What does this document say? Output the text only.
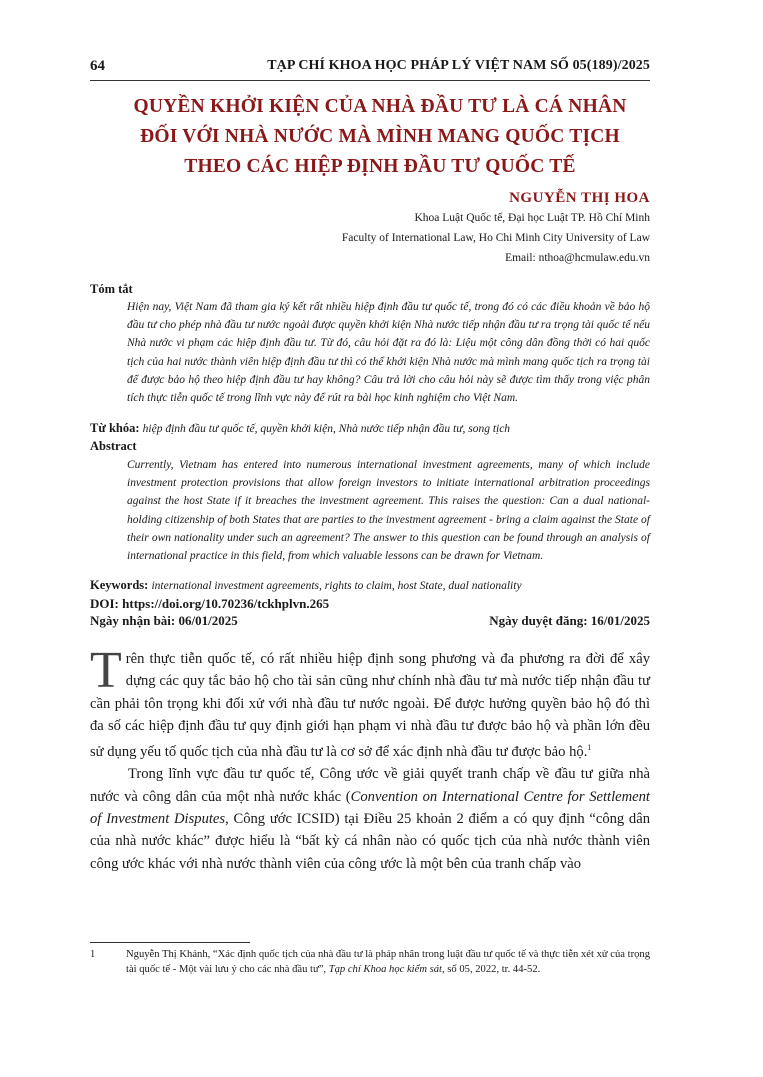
64	TẠP CHÍ KHOA HỌC PHÁP LÝ VIỆT NAM SỐ 05(189)/2025
QUYỀN KHỞI KIỆN CỦA NHÀ ĐẦU TƯ LÀ CÁ NHÂN
ĐỐI VỚI NHÀ NƯỚC MÀ MÌNH MANG QUỐC TỊCH
THEO CÁC HIỆP ĐỊNH ĐẦU TƯ QUỐC TẾ
NGUYỄN THỊ HOA
Khoa Luật Quốc tế, Đại học Luật TP. Hồ Chí Minh
Faculty of International Law, Ho Chi Minh City University of Law
Email: nthoa@hcmulaw.edu.vn
Tóm tắt
Hiện nay, Việt Nam đã tham gia ký kết rất nhiều hiệp định đầu tư quốc tế, trong đó có các điều khoản về bảo hộ đầu tư cho phép nhà đầu tư nước ngoài được quyền khởi kiện Nhà nước tiếp nhận đầu tư ra trọng tài quốc tế nếu Nhà nước vi phạm các hiệp định đầu tư. Từ đó, câu hỏi đặt ra đó là: Liệu một công dân đồng thời có hai quốc tịch của hai nước thành viên hiệp định đầu tư thì có thể khởi kiện Nhà nước mà mình mang quốc tịch ra trọng tài để được bảo hộ theo hiệp định đầu tư hay không? Câu trả lời cho câu hỏi này sẽ được tìm thấy trong việc phân tích thực tiễn quốc tế trong lĩnh vực này để rút ra bài học kinh nghiệm cho Việt Nam.
Từ khóa: hiệp định đầu tư quốc tế, quyền khởi kiện, Nhà nước tiếp nhận đầu tư, song tịch
Abstract
Currently, Vietnam has entered into numerous international investment agreements, many of which include investment protection provisions that allow foreign investors to initiate international arbitration proceedings against the host State if it breaches the investment agreement. This raises the question: Can a dual national-holding citizenship of both States that are parties to the investment agreement - bring a claim against the State of their own nationality under such an agreement? The answer to this question can be found through an analysis of international practice in this field, from which valuable lessons can be drawn for Vietnam.
Keywords: international investment agreements, rights to claim, host State, dual nationality
DOI: https://doi.org/10.70236/tckhplvn.265
Ngày nhận bài: 06/01/2025	Ngày duyệt đăng: 16/01/2025

Trên thực tiễn quốc tế, có rất nhiều hiệp định song phương và đa phương ra đời để xây dựng các quy tắc bảo hộ cho tài sản cũng như chính nhà đầu tư mà nước tiếp nhận đầu tư cần phải tôn trọng khi đối xử với nhà đầu tư nước ngoài. Để được hưởng quyền bảo hộ đó thì đa số các hiệp định đầu tư quy định giới hạn phạm vi nhà đầu tư được bảo hộ và phần lớn đều sử dụng yếu tố quốc tịch của nhà đầu tư là cơ sở để xác định nhà đầu tư được bảo hộ.$^1$

Trong lĩnh vực đầu tư quốc tế, Công ước về giải quyết tranh chấp về đầu tư giữa nhà nước và công dân của một nhà nước khác (Convention on International Centre for Settlement of Investment Disputes, Công ước ICSID) tại Điều 25 khoản 2 điểm a có quy định “công dân của nhà nước khác” được hiểu là “bất kỳ cá nhân nào có quốc tịch của nhà nước thành viên công ước khác với nhà nước thành viên của công ước là một bên của tranh chấp vào

1	Nguyễn Thị Khánh, “Xác định quốc tịch của nhà đầu tư là pháp nhân trong luật đầu tư quốc tế và thực tiễn xét xử của trọng tài quốc tế - Một vài lưu ý cho các nhà đầu tư”, Tạp chí Khoa học kiểm sát, số 05, 2022, tr. 44-52.
